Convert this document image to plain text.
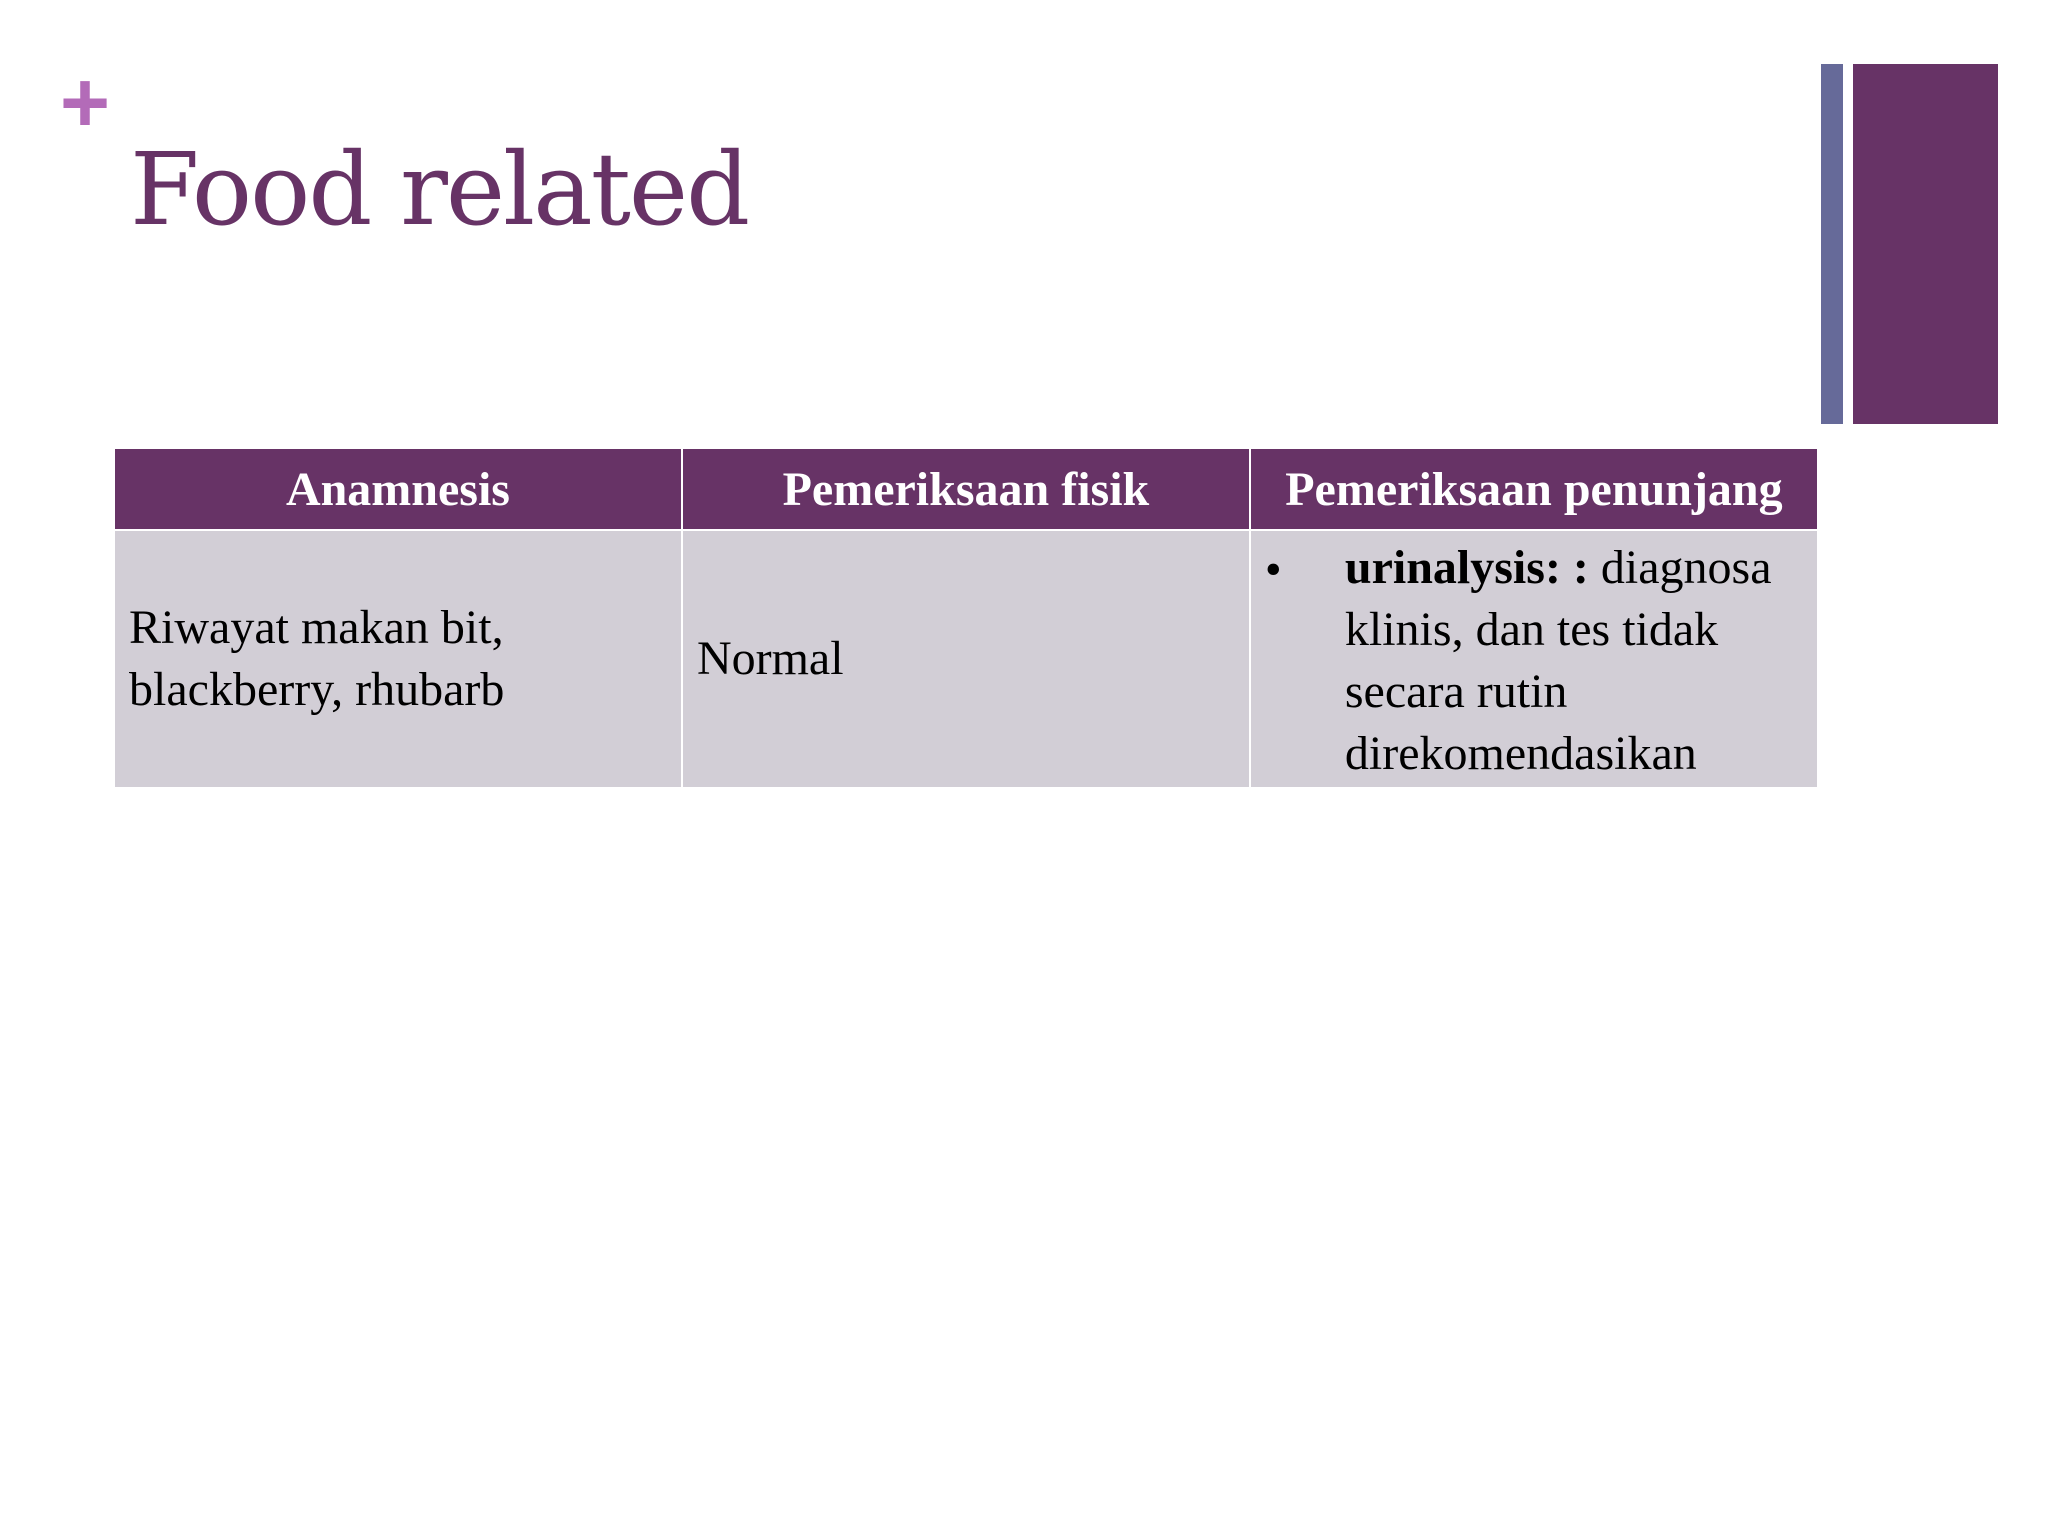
+
Food related
Anamnesis	Pemeriksaan fisik	Pemeriksaan penunjang
Riwayat makan bit, blackberry, rhubarb	Normal	• urinalysis: : diagnosa klinis, dan tes tidak secara rutin direkomendasikan
